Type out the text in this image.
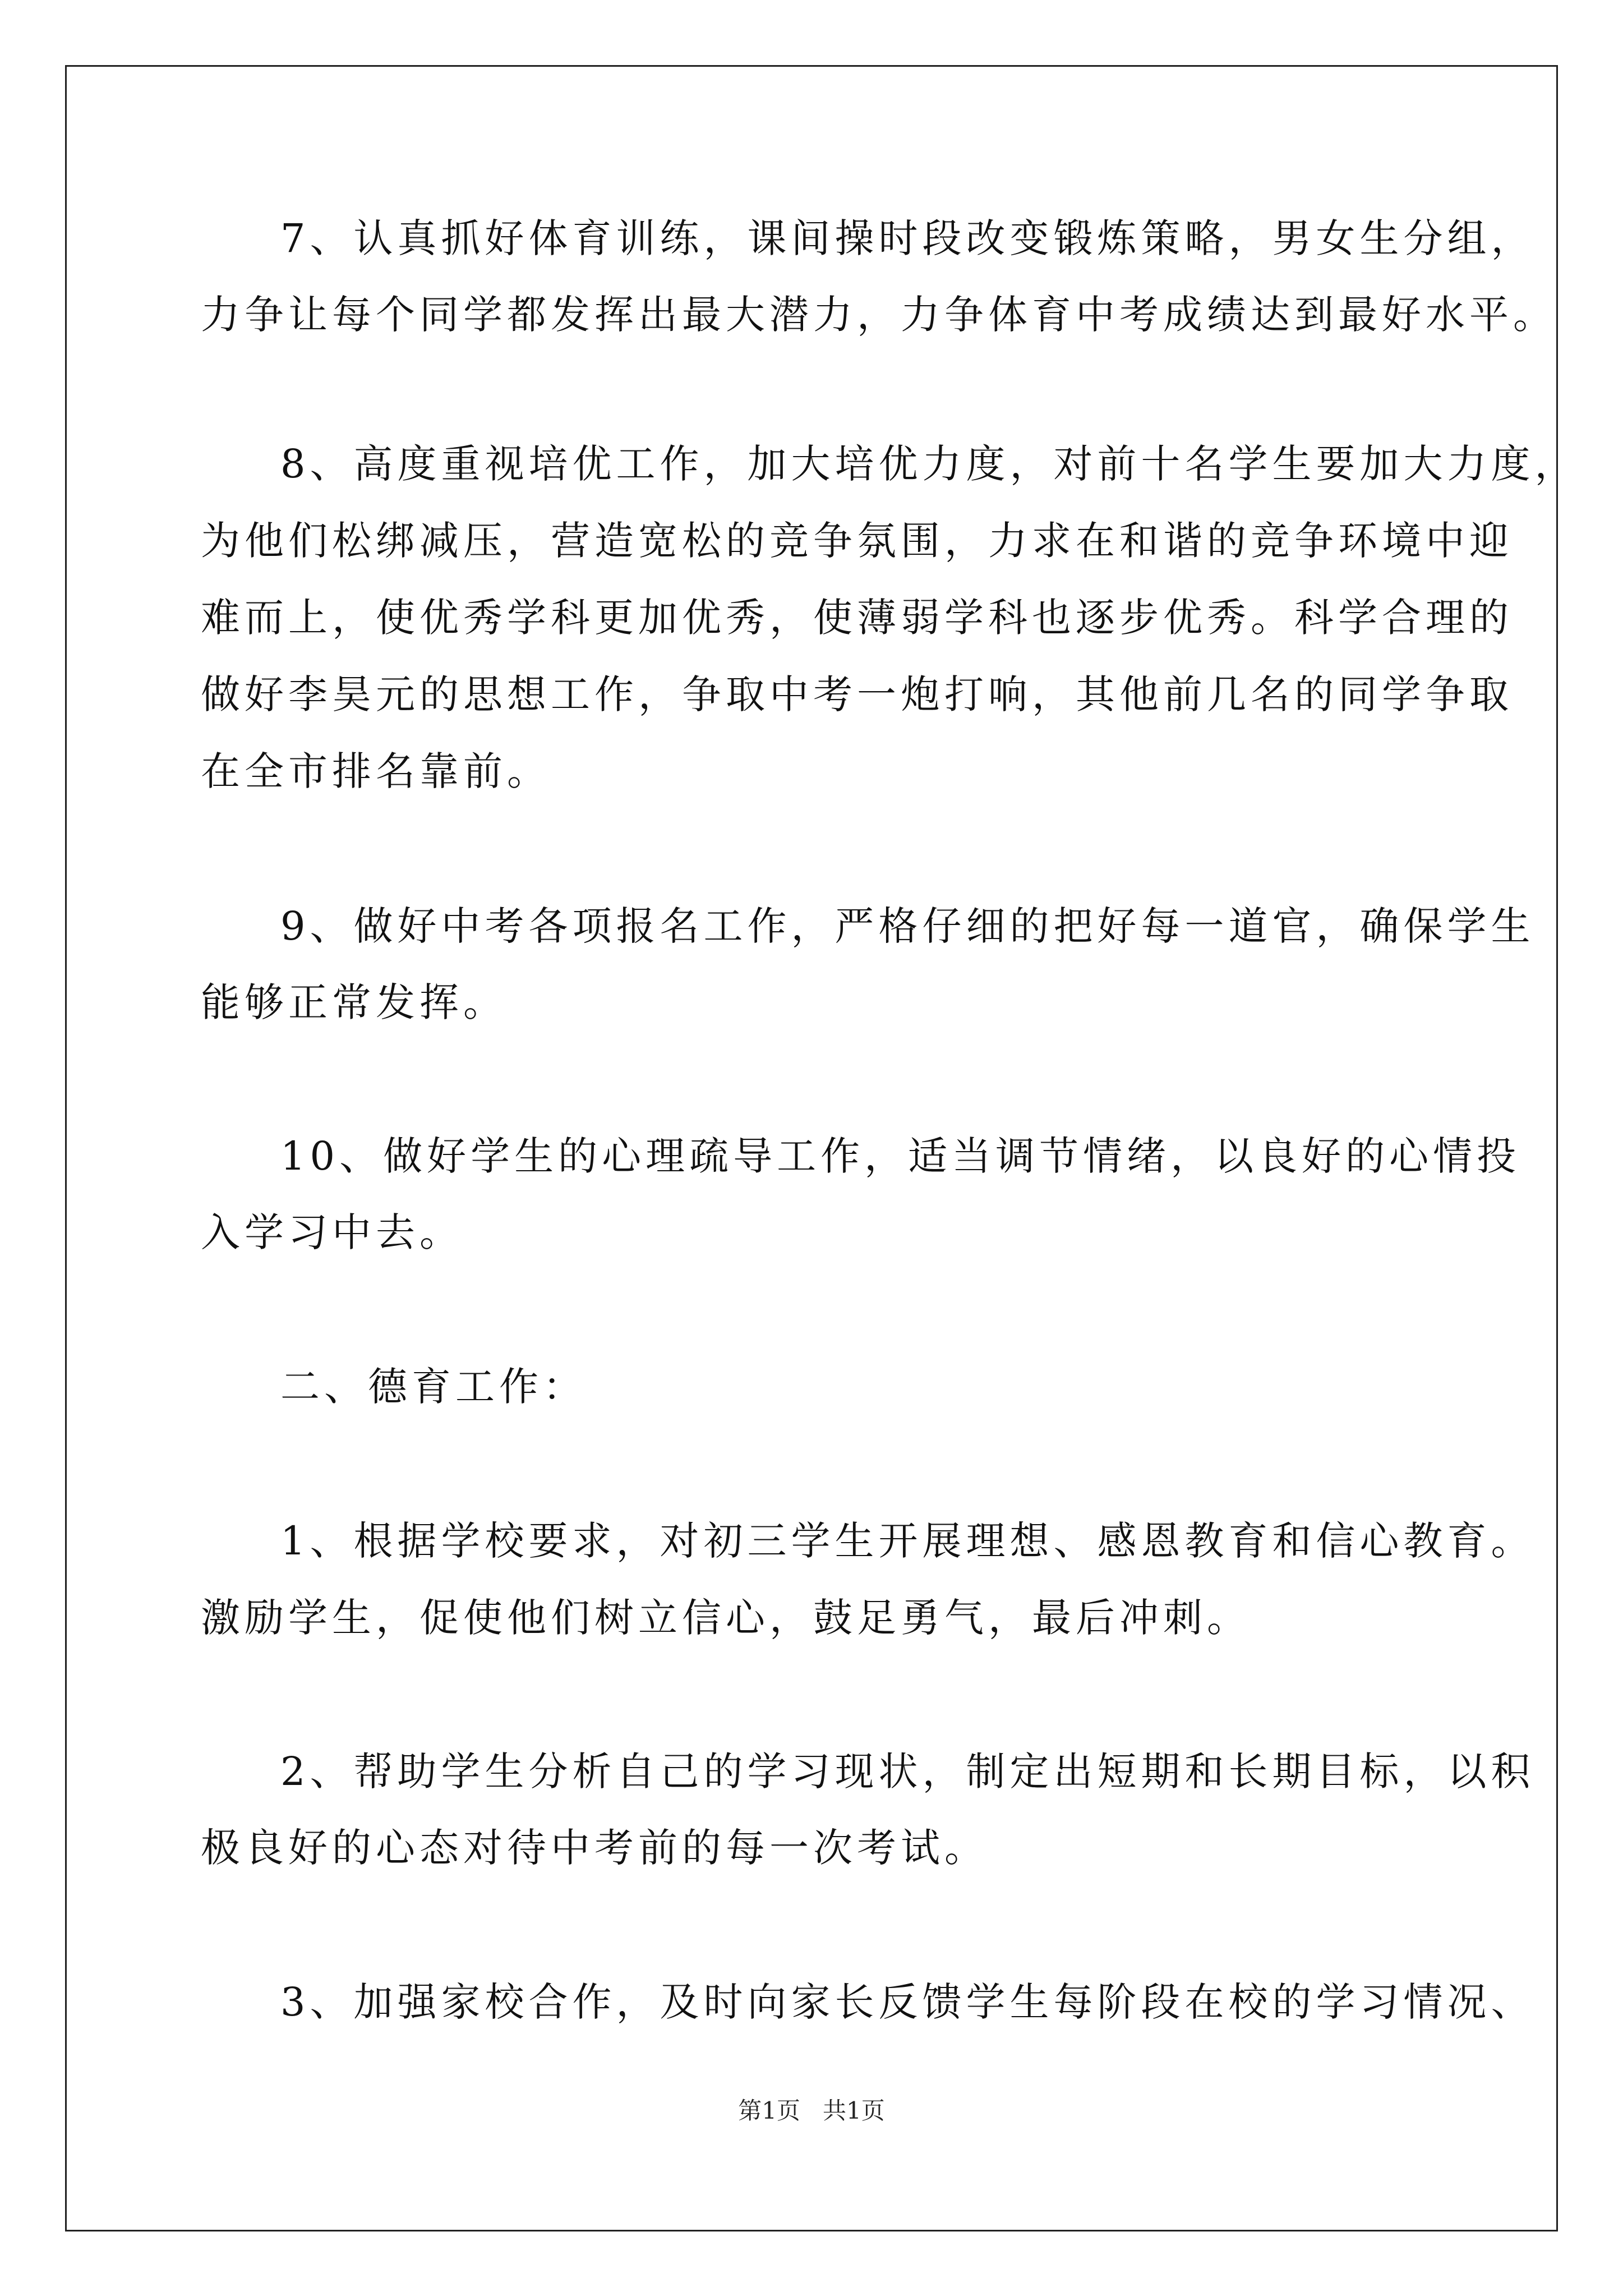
7、认真抓好体育训练，课间操时段改变锻炼策略，男女生分组，
力争让每个同学都发挥出最大潜力，力争体育中考成绩达到最好水平。
8、高度重视培优工作，加大培优力度，对前十名学生要加大力度，
为他们松绑减压，营造宽松的竞争氛围，力求在和谐的竞争环境中迎
难而上，使优秀学科更加优秀，使薄弱学科也逐步优秀。科学合理的
做好李昊元的思想工作，争取中考一炮打响，其他前几名的同学争取
在全市排名靠前。
9、做好中考各项报名工作，严格仔细的把好每一道官，确保学生
能够正常发挥。
10、做好学生的心理疏导工作，适当调节情绪，以良好的心情投
入学习中去。
二、德育工作：
1、根据学校要求，对初三学生开展理想、感恩教育和信心教育。
激励学生，促使他们树立信心，鼓足勇气，最后冲刺。
2、帮助学生分析自己的学习现状，制定出短期和长期目标，以积
极良好的心态对待中考前的每一次考试。
3、加强家校合作，及时向家长反馈学生每阶段在校的学习情况、
第1页 共1页
